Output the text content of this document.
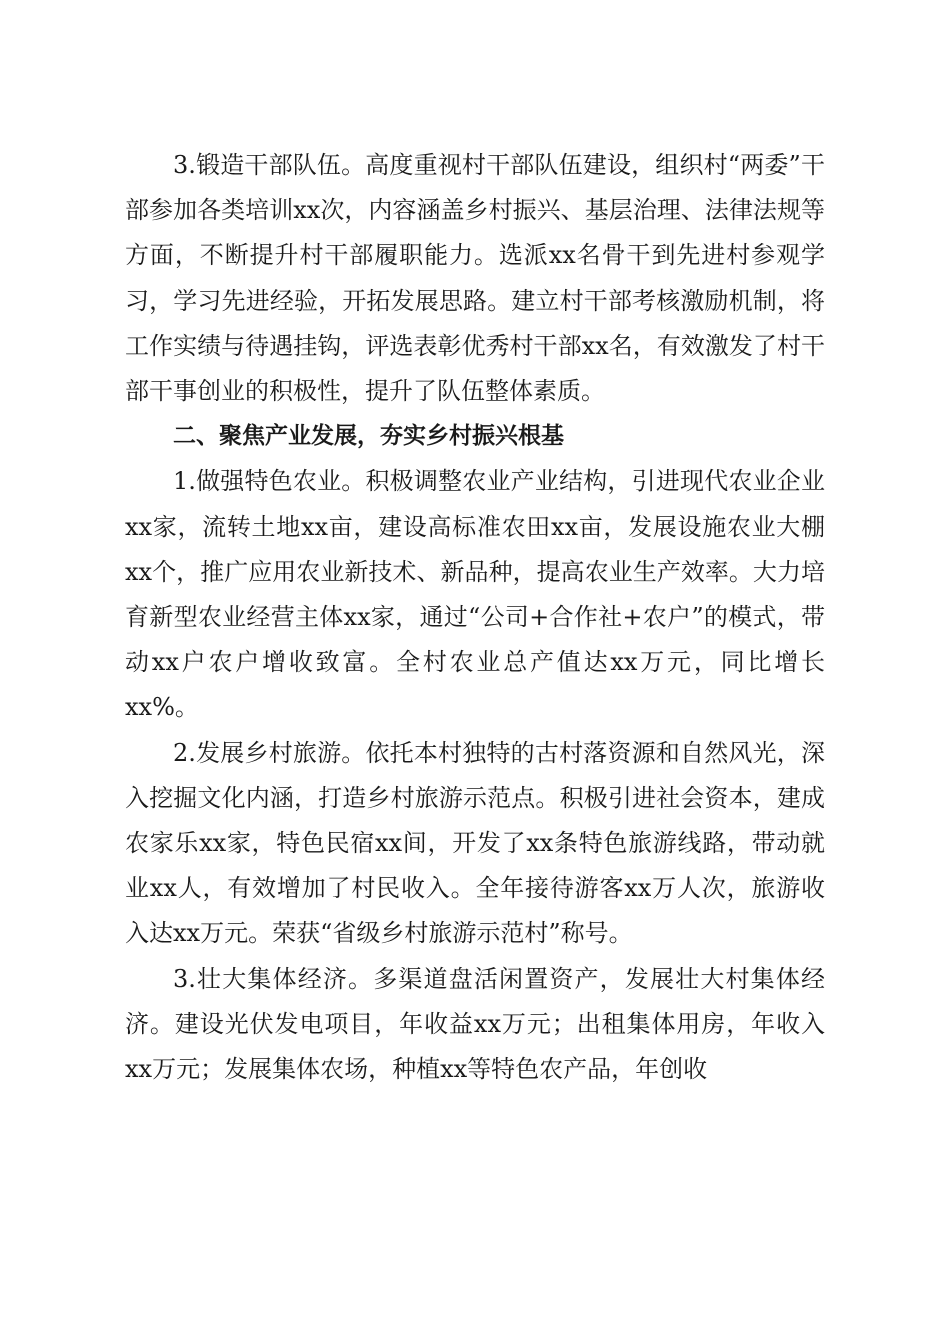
3.锻造干部队伍。高度重视村干部队伍建设，组织村“两委”干部参加各类培训xx次，内容涵盖乡村振兴、基层治理、法律法规等方面，不断提升村干部履职能力。选派xx名骨干到先进村参观学习，学习先进经验，开拓发展思路。建立村干部考核激励机制，将工作实绩与待遇挂钩，评选表彰优秀村干部xx名，有效激发了村干部干事创业的积极性，提升了队伍整体素质。

二、聚焦产业发展，夯实乡村振兴根基

1.做强特色农业。积极调整农业产业结构，引进现代农业企业xx家，流转土地xx亩，建设高标准农田xx亩，发展设施农业大棚xx个，推广应用农业新技术、新品种，提高农业生产效率。大力培育新型农业经营主体xx家，通过“公司+合作社+农户”的模式，带动xx户农户增收致富。全村农业总产值达xx万元，同比增长xx%。

2.发展乡村旅游。依托本村独特的古村落资源和自然风光，深入挖掘文化内涵，打造乡村旅游示范点。积极引进社会资本，建成农家乐xx家，特色民宿xx间，开发了xx条特色旅游线路，带动就业xx人，有效增加了村民收入。全年接待游客xx万人次，旅游收入达xx万元。荣获“省级乡村旅游示范村”称号。

3.壮大集体经济。多渠道盘活闲置资产，发展壮大村集体经济。建设光伏发电项目，年收益xx万元；出租集体用房，年收入xx万元；发展集体农场，种植xx等特色农产品，年创收
